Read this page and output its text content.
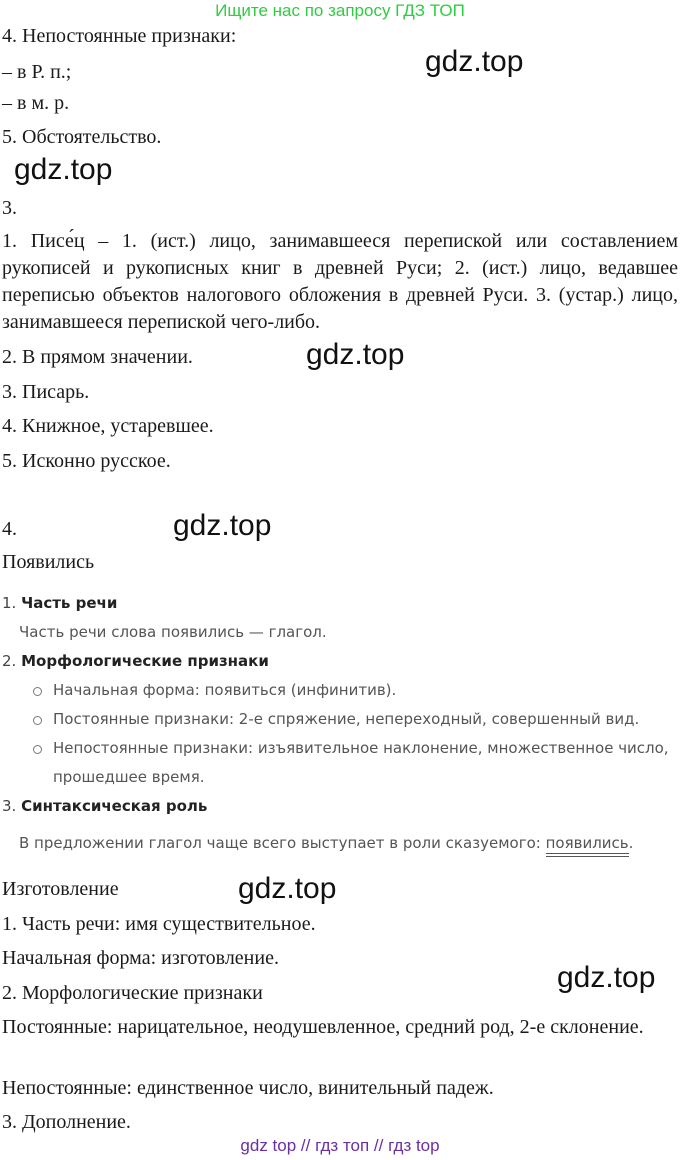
Ищите нас по запросу ГДЗ ТОП
4. Непостоянные признаки:
– в Р. п.;
– в м. р.
5. Обстоятельство.
3.
1. Писе́ц – 1. (ист.) лицо, занимавшееся перепиской или составлением рукописей и рукописных книг в древней Руси; 2. (ист.) лицо, ведавшее переписью объектов налогового обложения в древней Руси. 3. (устар.) лицо, занимавшееся перепиской чего-либо.
2. В прямом значении.
3. Писарь.
4. Книжное, устаревшее.
5. Исконно русское.
4.
Появились
1. Часть речи
Часть речи слова появились — глагол.
2. Морфологические признаки
Начальная форма: появиться (инфинитив).
Постоянные признаки: 2-е спряжение, непереходный, совершенный вид.
Непостоянные признаки: изъявительное наклонение, множественное число,
прошедшее время.
3. Синтаксическая роль
В предложении глагол чаще всего выступает в роли сказуемого: появились.
Изготовление
1. Часть речи: имя существительное.
Начальная форма: изготовление.
2. Морфологические признаки
Постоянные: нарицательное, неодушевленное, средний род, 2-е склонение.
Непостоянные: единственное число, винительный падеж.
3. Дополнение.
gdz.top
gdz.top
gdz.top
gdz.top
gdz.top
gdz.top
gdz top // гдз топ // гдз top
